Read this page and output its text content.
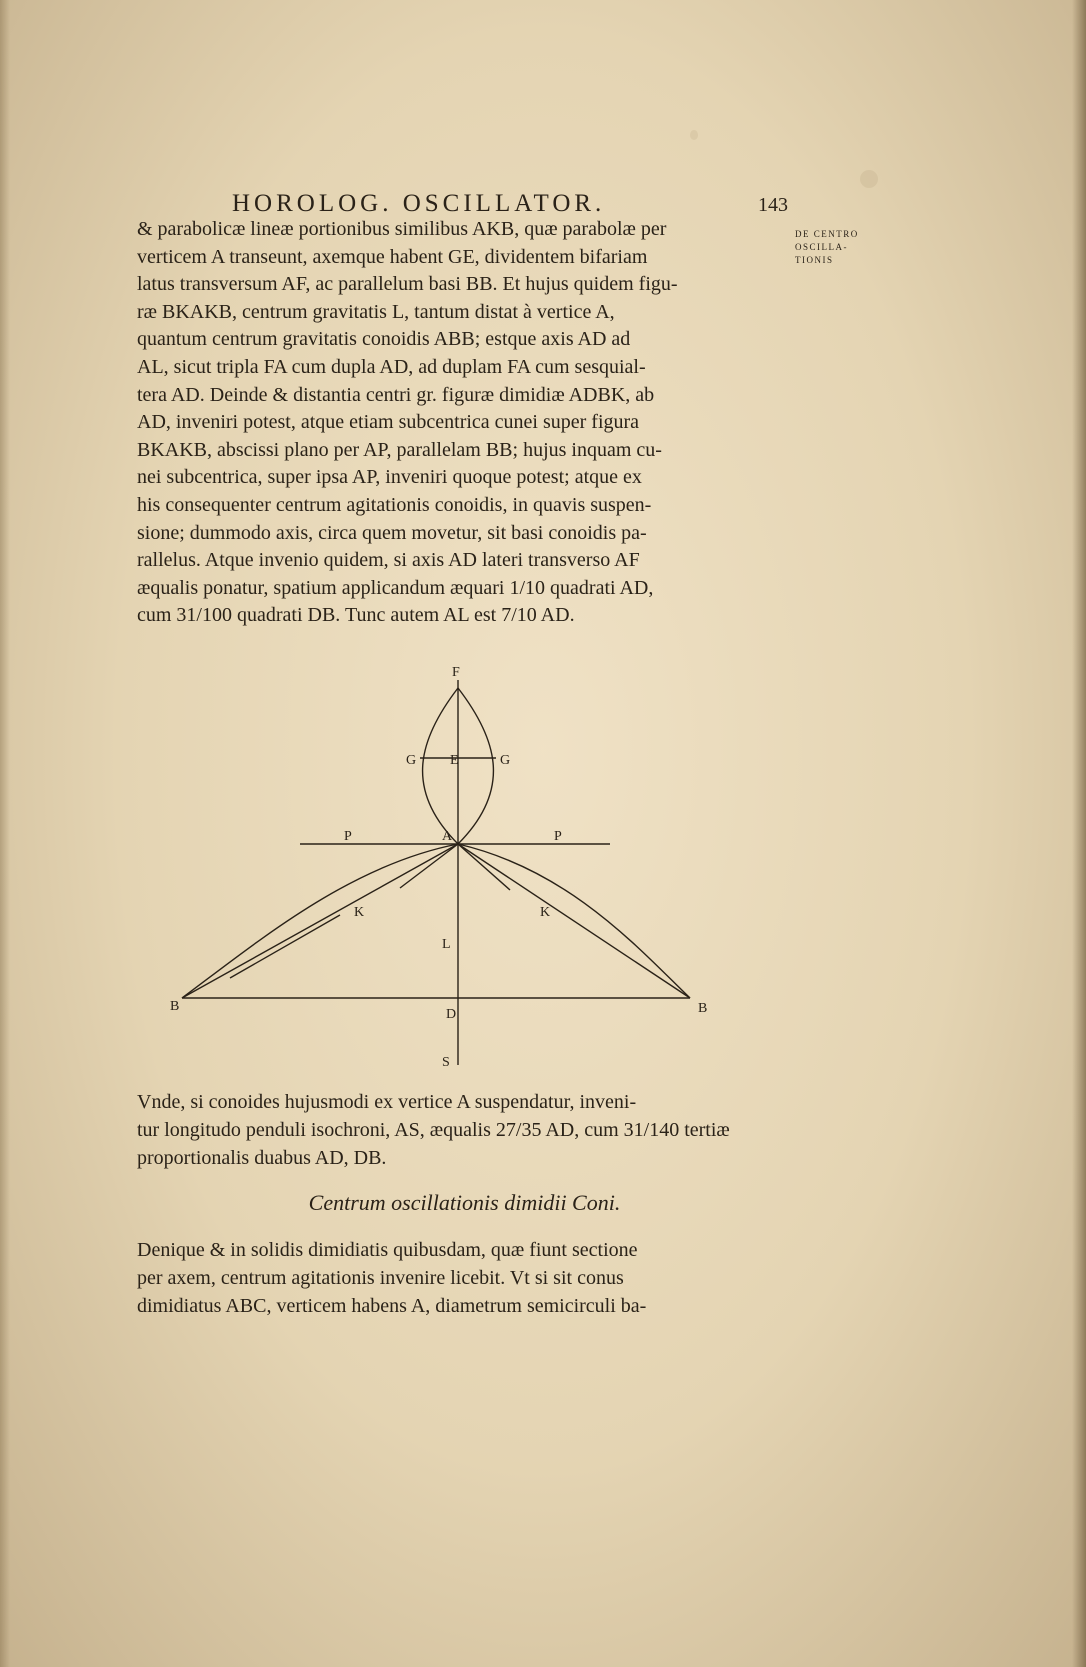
HOROLOG. OSCILLATOR.	143
DE CENTRO
OSCILLA-
TIONIS
& parabolicæ lineæ portionibus similibus AKB, quæ parabolæ per
verticem A transeunt, axemque habent GE, dividentem bifariam
latus transversum AF, ac parallelum basi BB. Et hujus quidem figu-
ræ BKAKB, centrum gravitatis L, tantum distat à vertice A,
quantum centrum gravitatis conoidis ABB; estque axis AD ad
AL, sicut tripla FA cum dupla AD, ad duplam FA cum sesquial-
tera AD. Deinde & distantia centri gr. figuræ dimidiæ ADBK, ab
AD, inveniri potest, atque etiam subcentrica cunei super figura
BKAKB, abscissi plano per AP, parallelam BB; hujus inquam cu-
nei subcentrica, super ipsa AP, inveniri quoque potest; atque ex
his consequenter centrum agitationis conoidis, in quavis suspen-
sione; dummodo axis, circa quem movetur, sit basi conoidis pa-
rallelus. Atque invenio quidem, si axis AD lateri transverso AF
æqualis ponatur, spatium applicandum æquari 1/10 quadrati AD,
cum 31/100 quadrati DB. Tunc autem AL est 7/10 AD.
F
G E	G
P	A	P
K	K
L
B
D	B
S
Vnde, si conoides hujusmodi ex vertice A suspendatur, inveni-
tur longitudo penduli isochroni, AS, æqualis 27/35 AD, cum 31/140 tertiæ
proportionalis duabus AD, DB.
Centrum oscillationis dimidii Coni.
Denique & in solidis dimidiatis quibusdam, quæ fiunt sectione
per axem, centrum agitationis invenire licebit. Vt si sit conus
dimidiatus ABC, verticem habens A, diametrum semicirculi ba-
